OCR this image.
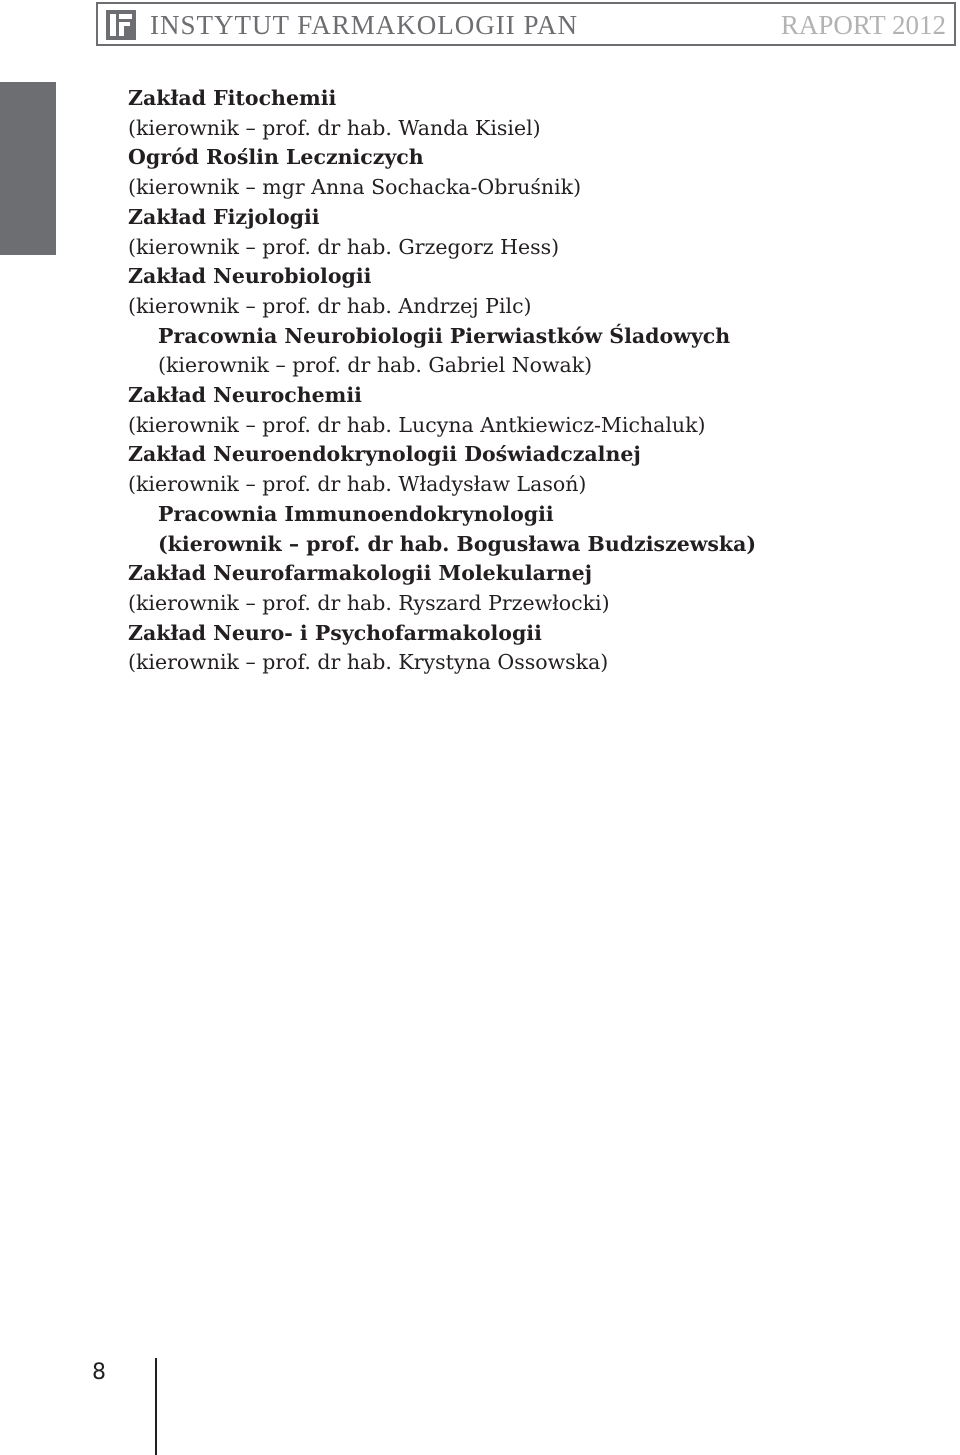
INSTYTUT FARMAKOLOGII PAN	RAPORT 2012
Zakład Fitochemii
(kierownik – prof. dr hab. Wanda Kisiel)
Ogród Roślin Leczniczych
(kierownik – mgr Anna Sochacka-Obruśnik)
Zakład Fizjologii
(kierownik – prof. dr hab. Grzegorz Hess)
Zakład Neurobiologii
(kierownik – prof. dr hab. Andrzej Pilc)
Pracownia Neurobiologii Pierwiastków Śladowych
(kierownik – prof. dr hab. Gabriel Nowak)
Zakład Neurochemii
(kierownik – prof. dr hab. Lucyna Antkiewicz-Michaluk)
Zakład Neuroendokrynologii Doświadczalnej
(kierownik – prof. dr hab. Władysław Lasoń)
Pracownia Immunoendokrynologii
(kierownik – prof. dr hab. Bogusława Budziszewska)
Zakład Neurofarmakologii Molekularnej
(kierownik – prof. dr hab. Ryszard Przewłocki)
Zakład Neuro- i Psychofarmakologii
(kierownik – prof. dr hab. Krystyna Ossowska)
8
